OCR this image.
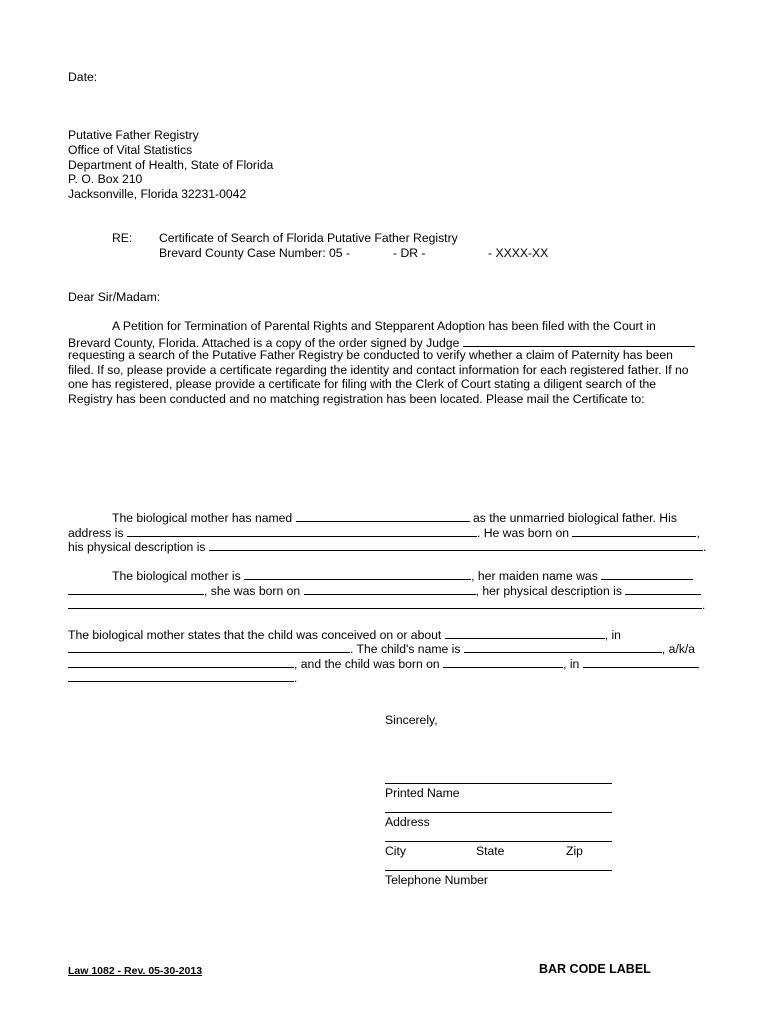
Date:
Putative Father Registry
Office of Vital Statistics
Department of Health, State of Florida
P. O. Box 210
Jacksonville, Florida 32231-0042
RE: Certificate of Search of Florida Putative Father Registry
Brevard County Case Number: 05 -	- DR -	- XXXX-XX
Dear Sir/Madam:
A Petition for Termination of Parental Rights and Stepparent Adoption has been filed with the Court in
Brevard County, Florida. Attached is a copy of the order signed by Judge
requesting a search of the Putative Father Registry be conducted to verify whether a claim of Paternity has been
filed. If so, please provide a certificate regarding the identity and contact information for each registered father. If no
one has registered, please provide a certificate for filing with the Clerk of Court stating a diligent search of the
Registry has been conducted and no matching registration has been located. Please mail the Certificate to:
The biological mother has named	as the unmarried biological father. His
address is	. He was born on	,
his physical description is	.
The biological mother is	, her maiden name was
, she was born on	, her physical description is
.
The biological mother states that the child was conceived on or about	, in
. The child's name is	, a/k/a
, and the child was born on	, in
.
Sincerely,
Printed Name
Address
City	State	Zip
Telephone Number
Law 1082 - Rev. 05-30-2013	BAR CODE LABEL
